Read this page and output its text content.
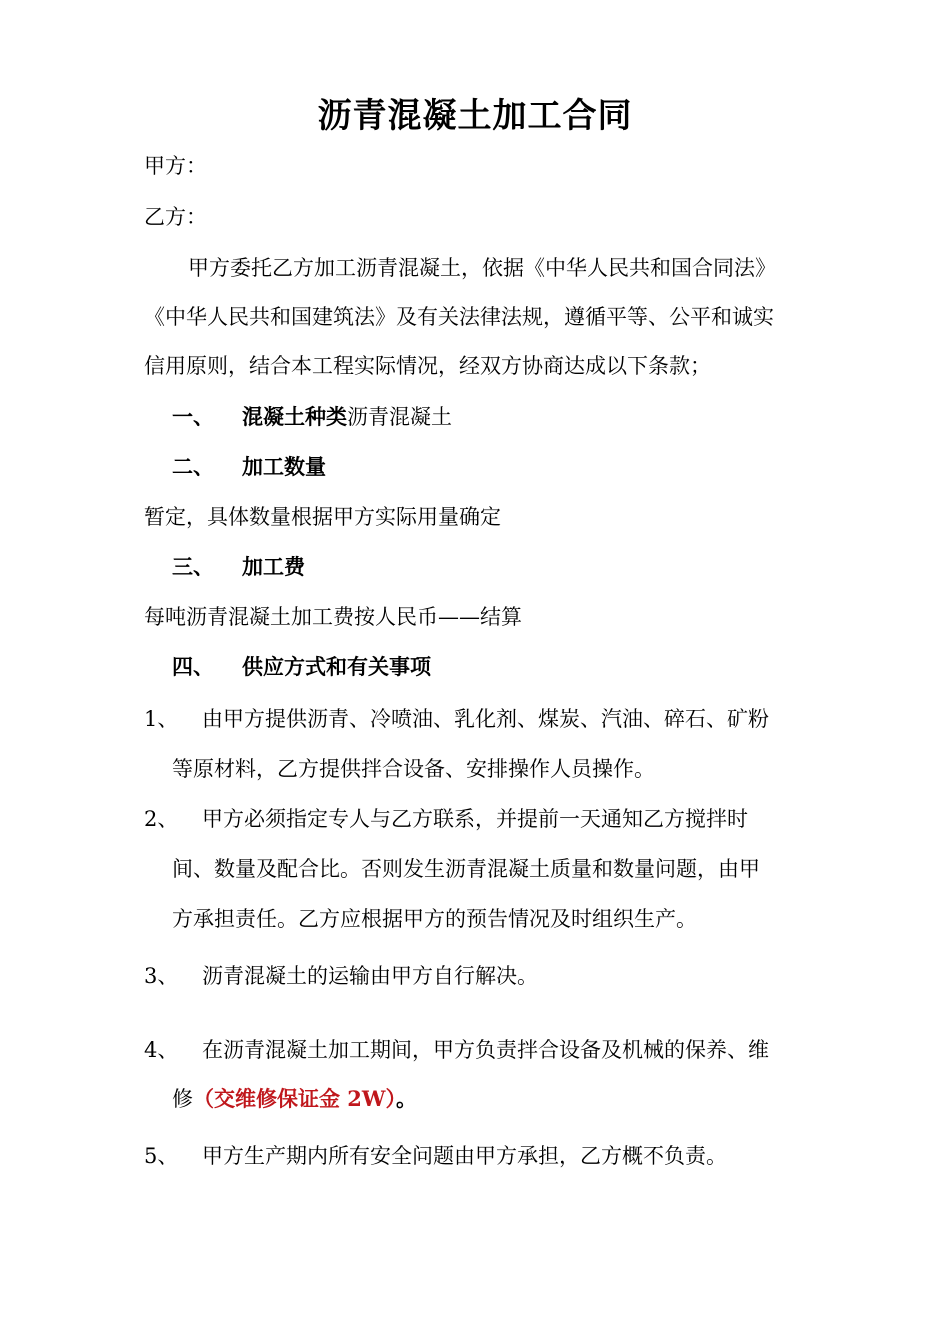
沥青混凝土加工合同
甲方：
乙方：
甲方委托乙方加工沥青混凝土，依据《中华人民共和国合同法》
《中华人民共和国建筑法》及有关法律法规，遵循平等、公平和诚实
信用原则，结合本工程实际情况，经双方协商达成以下条款；
一、 混凝土种类沥青混凝土
二、 加工数量
暂定，具体数量根据甲方实际用量确定
三、 加工费
每吨沥青混凝土加工费按人民币——结算
四、 供应方式和有关事项
1、 由甲方提供沥青、冷喷油、乳化剂、煤炭、汽油、碎石、矿粉
等原材料，乙方提供拌合设备、安排操作人员操作。
2、 甲方必须指定专人与乙方联系，并提前一天通知乙方搅拌时
间、数量及配合比。否则发生沥青混凝土质量和数量问题，由甲
方承担责任。乙方应根据甲方的预告情况及时组织生产。
3、 沥青混凝土的运输由甲方自行解决。
4、 在沥青混凝土加工期间，甲方负责拌合设备及机械的保养、维
修（交维修保证金 2W）。
5、 甲方生产期内所有安全问题由甲方承担，乙方概不负责。
